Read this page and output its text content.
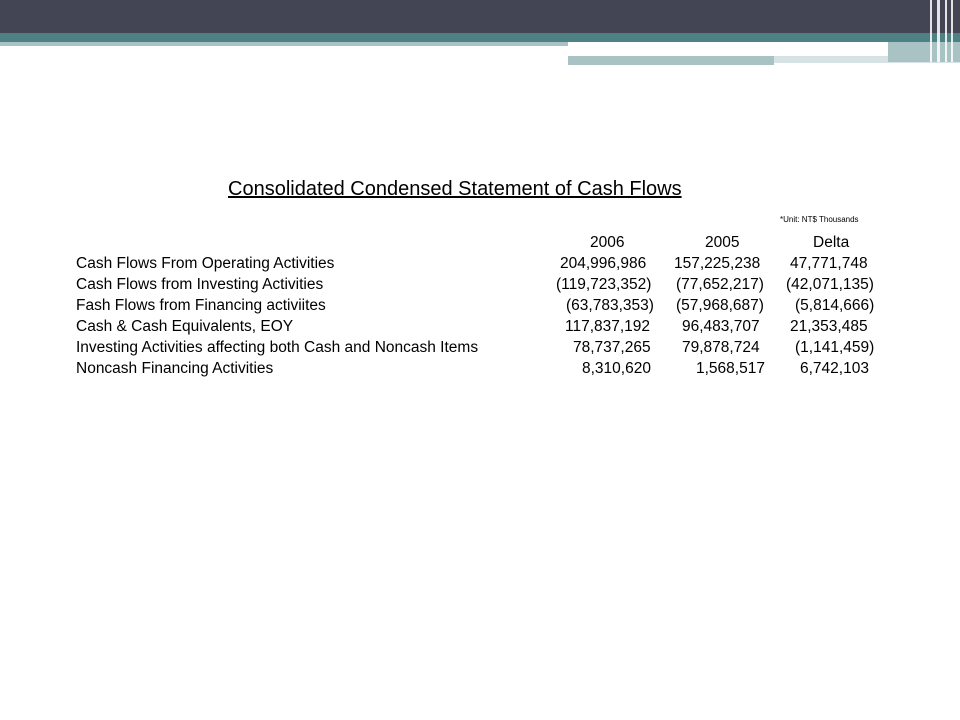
Consolidated Condensed Statement of Cash Flows
*Unit: NT$ Thousands
2006	2005	Delta
Cash Flows From Operating Activities
Cash Flows from Investing Activities
Fash Flows from Financing activiites
Cash & Cash Equivalents, EOY
Investing Activities affecting both Cash and Noncash Items
Noncash Financing Activities
204,996,986
(119,723,352)
(63,783,353)
117,837,192
78,737,265
8,310,620
157,225,238
(77,652,217)
(57,968,687)
96,483,707
79,878,724
1,568,517
47,771,748
(42,071,135)
(5,814,666)
21,353,485
(1,141,459)
6,742,103
